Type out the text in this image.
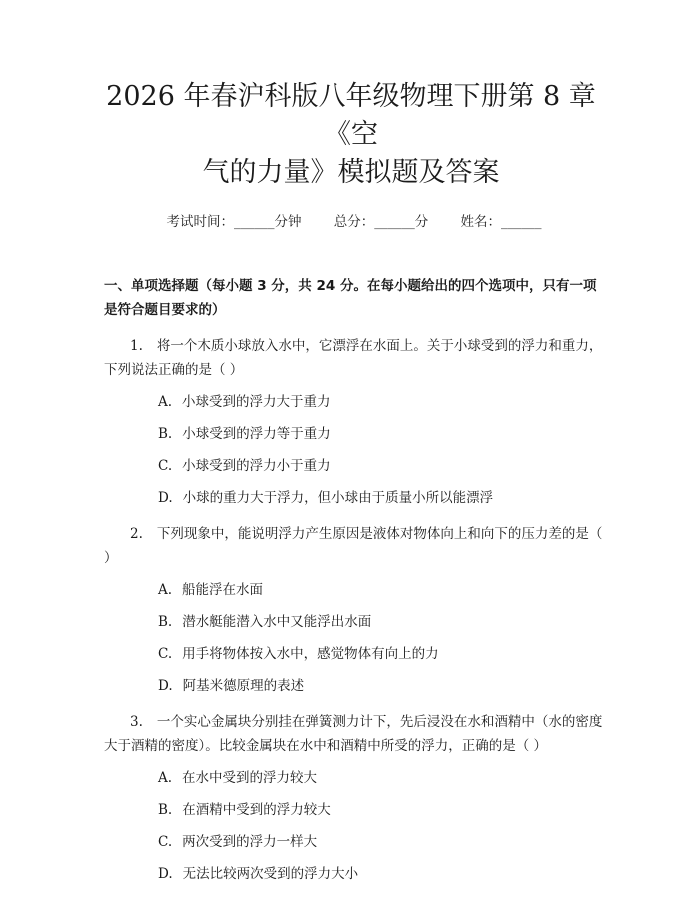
2026 年春沪科版八年级物理下册第 8 章《空
气的力量》模拟题及答案
考试时间：______分钟 总分：______分 姓名：______
一、单项选择题（每小题 3 分，共 24 分。在每小题给出的四个选项中，只有一项是符合题目要求的）

1. 将一个木质小球放入水中，它漂浮在水面上。关于小球受到的浮力和重力，下列说法正确的是（ ）

A. 小球受到的浮力大于重力
B. 小球受到的浮力等于重力
C. 小球受到的浮力小于重力
D. 小球的重力大于浮力，但小球由于质量小所以能漂浮

2. 下列现象中，能说明浮力产生原因是液体对物体向上和向下的压力差的是（ ）

A. 船能浮在水面
B. 潜水艇能潜入水中又能浮出水面
C. 用手将物体按入水中，感觉物体有向上的力
D. 阿基米德原理的表述

3. 一个实心金属块分别挂在弹簧测力计下，先后浸没在水和酒精中（水的密度大于酒精的密度）。比较金属块在水中和酒精中所受的浮力，正确的是（ ）

A. 在水中受到的浮力较大
B. 在酒精中受到的浮力较大
C. 两次受到的浮力一样大
D. 无法比较两次受到的浮力大小
